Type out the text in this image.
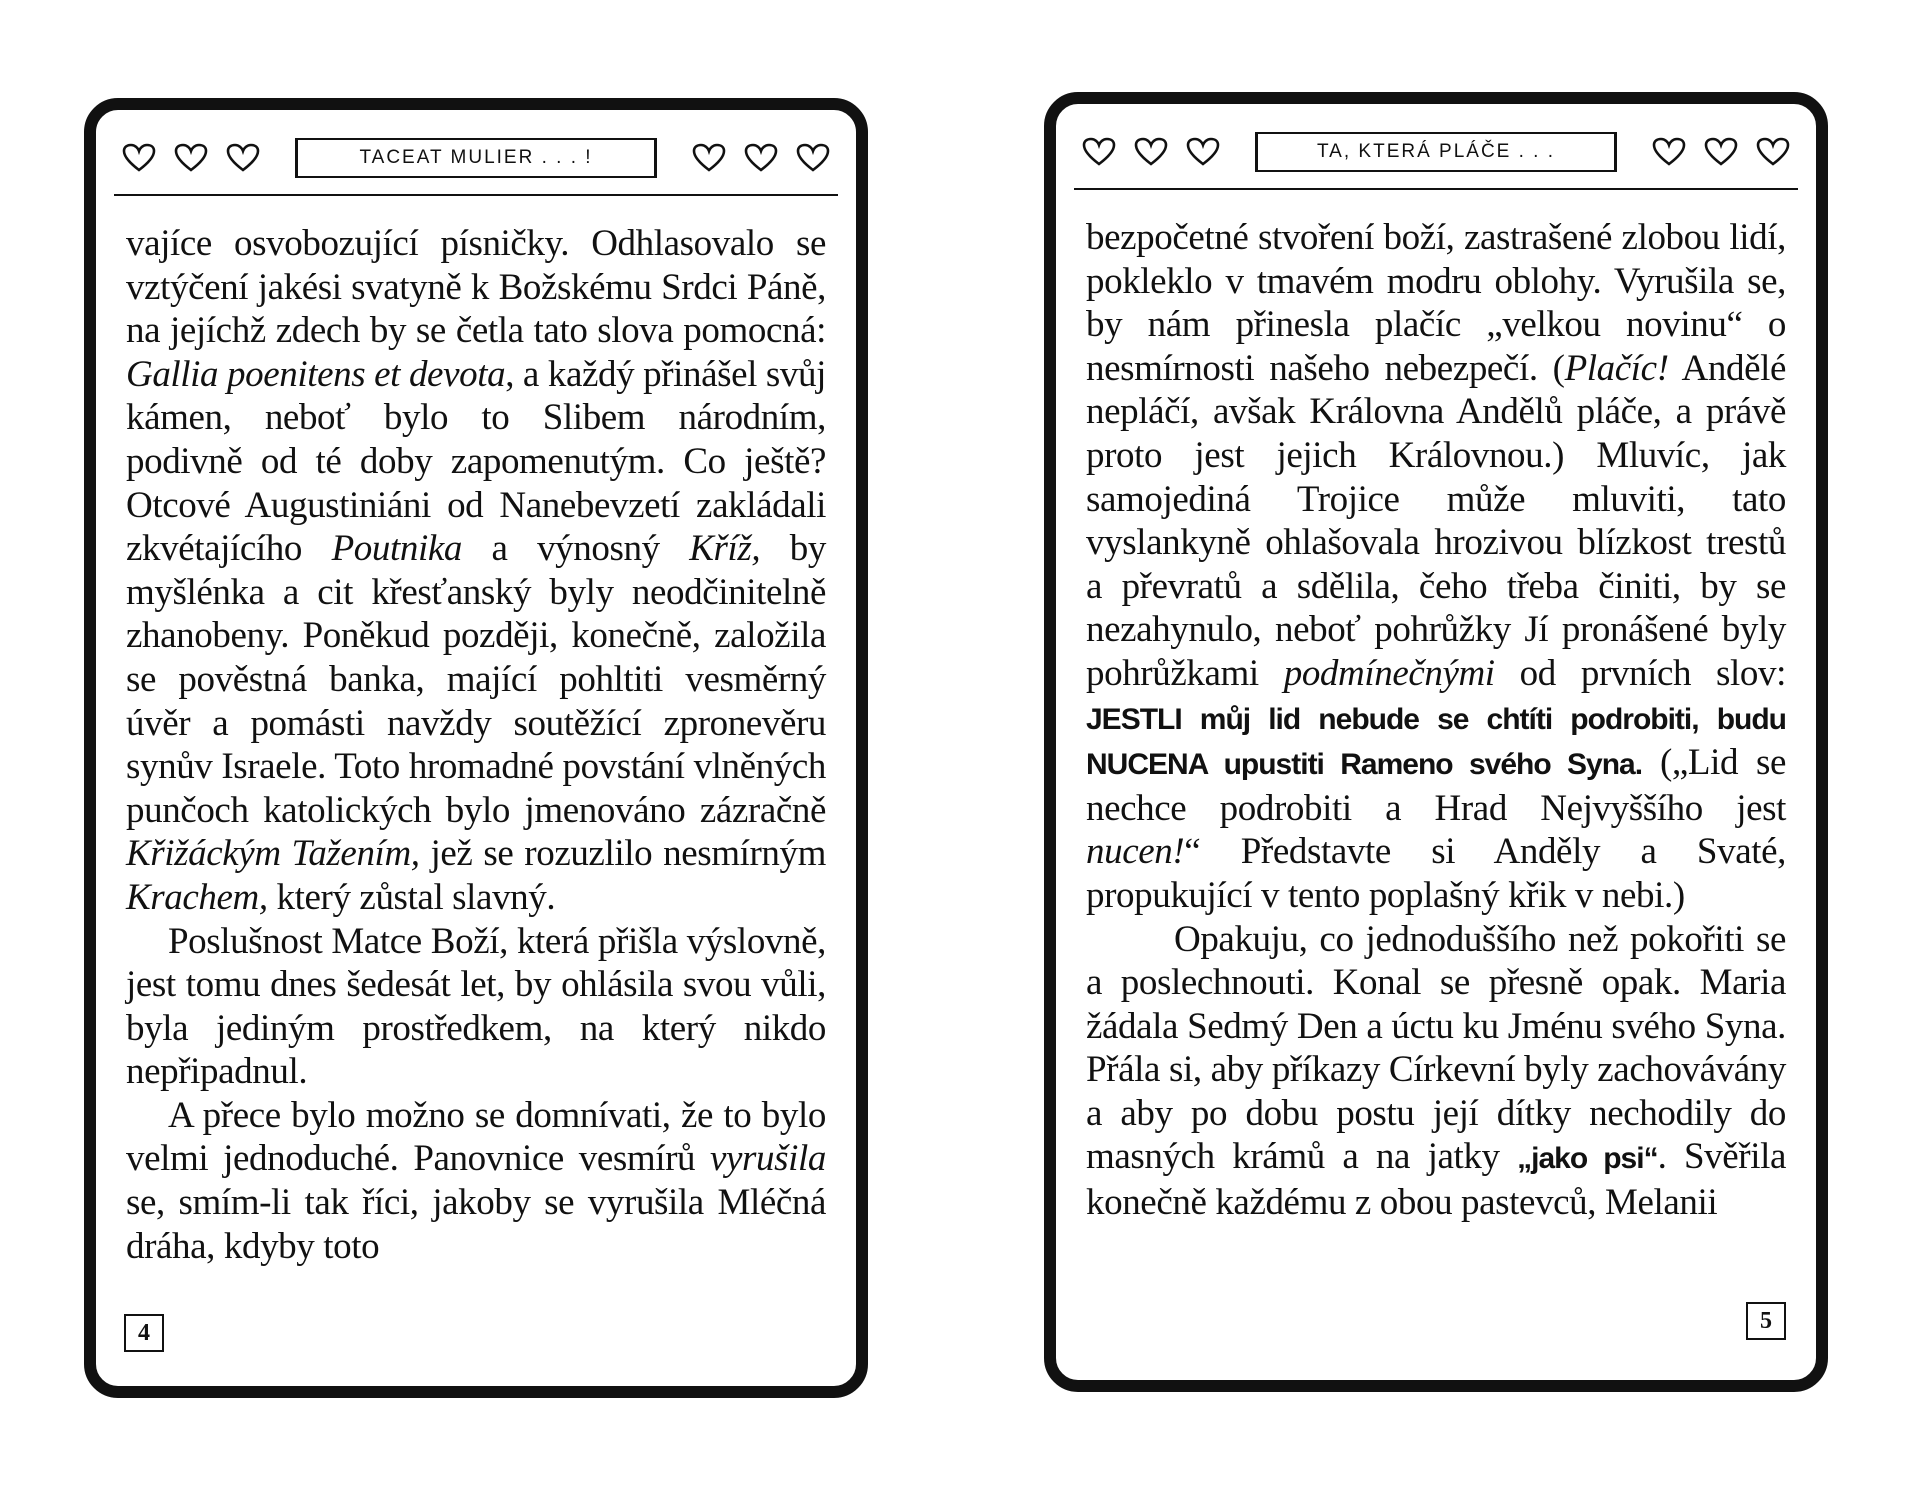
TACEAT MULIER . . . !

vajíce osvobozující písničky. Odhlasovalo se vztýčení jakési svatyně k Božskému Srdci Páně, na jejíchž zdech by se četla tato slova pomocná: Gallia poenitens et devota, a každý přinášel svůj kámen, neboť bylo to Slibem národním, podivně od té doby zapomenutým. Co ještě? Otcové Augustiniáni od Nanebevzetí zakládali zkvétajícího Poutnika a výnosný Kříž, by myšlénka a cit křesťanský byly neodčinitelně zhanobeny. Poněkud později, konečně, založila se pověstná banka, mající pohltiti vesměrný úvěr a pomásti navždy soutěžící zpronevěru synův Israele. Toto hromadné povstání vlněných punčoch katolických bylo jmenováno zázračně Křižáckým Tažením, jež se rozuzlilo nesmírným Krachem, který zůstal slavný.

Poslušnost Matce Boží, která přišla výslovně, jest tomu dnes šedesát let, by ohlásila svou vůli, byla jediným prostředkem, na který nikdo nepřipadnul.

A přece bylo možno se domnívati, že to bylo velmi jednoduché. Panovnice vesmírů vyrušila se, smím-li tak říci, jakoby se vyrušila Mléčná dráha, kdyby toto

4
TA, KTERÁ PLÁČE . . .

bezpočetné stvoření boží, zastrašené zlobou lidí, pokleklo v tmavém modru oblohy. Vyrušila se, by nám přinesla plačíc „velkou novinu“ o nesmírnosti našeho nebezpečí. (Plačíc! Andělé nepláčí, avšak Královna Andělů pláče, a právě proto jest jejich Královnou.) Mluvíc, jak samojediná Trojice může mluviti, tato vyslankyně ohlašovala hrozivou blízkost trestů a převratů a sdělila, čeho třeba činiti, by se nezahynulo, neboť pohrůžky Jí pronášené byly pohrůžkami podmínečnými od prvních slov: JESTLI můj lid nebude se chtíti podrobiti, budu NUCENA upustiti Rameno svého Syna. („Lid se nechce podrobiti a Hrad Nejvyššího jest nucen!“ Představte si Anděly a Svaté, propukující v tento poplašný křik v nebi.)

Opakuju, co jednoduššího než pokořiti se a poslechnouti. Konal se přesně opak. Maria žádala Sedmý Den a úctu ku Jménu svého Syna. Přála si, aby příkazy Církevní byly zachovávány a aby po dobu postu její dítky nechodily do masných krámů a na jatky „jako psi“. Svěřila konečně každému z obou pastevců, Melanii

5
